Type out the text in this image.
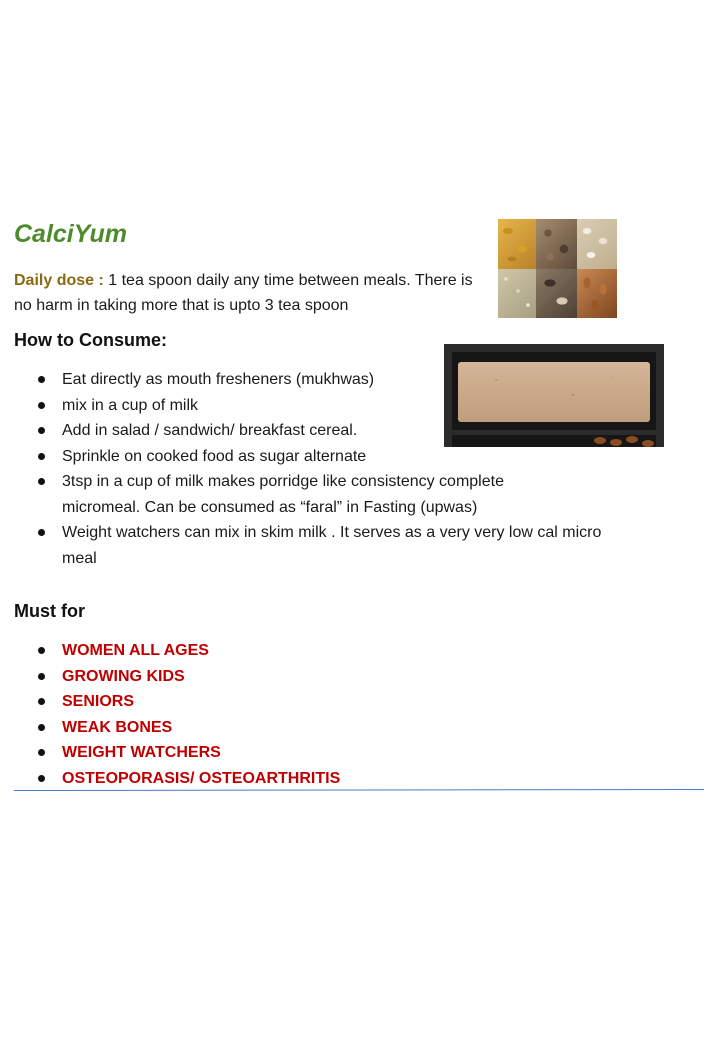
CalciYum

Daily dose : 1 tea spoon daily any time between meals. There is no harm in taking more that is upto 3 tea spoon

How to Consume:
Eat directly as mouth fresheners (mukhwas)
mix in a cup of milk
Add in salad / sandwich/ breakfast cereal.
Sprinkle on cooked food as sugar alternate
3tsp in a cup of milk makes porridge like consistency complete micromeal. Can be consumed as “faral” in Fasting (upwas)
Weight watchers can mix in skim milk . It serves as a very very low cal micro meal
Must for
WOMEN ALL AGES
GROWING KIDS
SENIORS
WEAK BONES
WEIGHT WATCHERS
OSTEOPORASIS/ OSTEOARTHRITIS
